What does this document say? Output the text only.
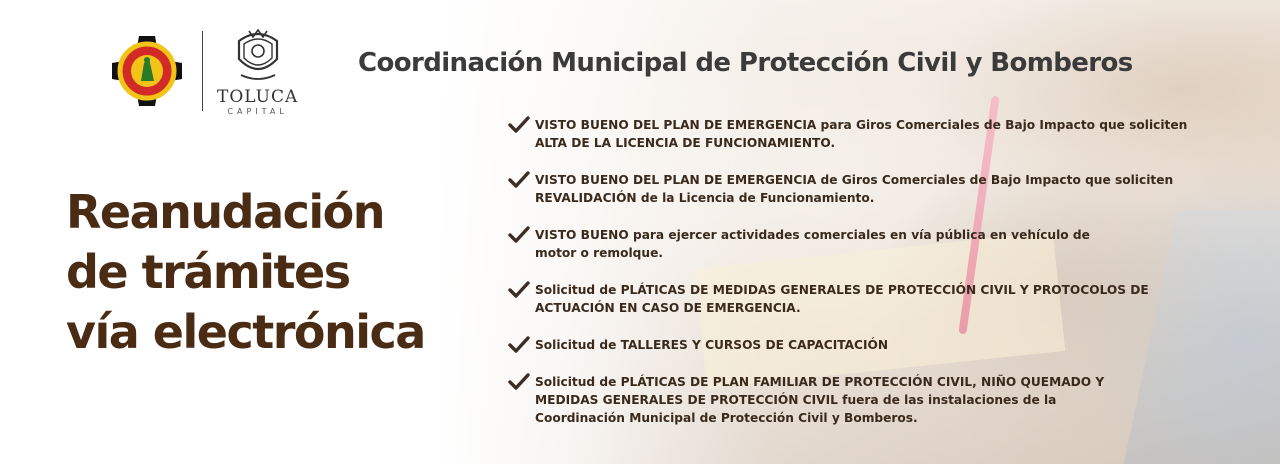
TOLUCA
CAPITAL
Coordinación Municipal de Protección Civil y Bomberos
Reanudación
de trámites
vía electrónica
VISTO BUENO DEL PLAN DE EMERGENCIA para Giros Comerciales de Bajo Impacto que soliciten
ALTA DE LA LICENCIA DE FUNCIONAMIENTO.
VISTO BUENO DEL PLAN DE EMERGENCIA de Giros Comerciales de Bajo Impacto que soliciten
REVALIDACIÓN de la Licencia de Funcionamiento.
VISTO BUENO para ejercer actividades comerciales en vía pública en vehículo de
motor o remolque.
Solicitud de PLÁTICAS DE MEDIDAS GENERALES DE PROTECCIÓN CIVIL Y PROTOCOLOS DE
ACTUACIÓN EN CASO DE EMERGENCIA.
Solicitud de TALLERES Y CURSOS DE CAPACITACIÓN
Solicitud de PLÁTICAS DE PLAN FAMILIAR DE PROTECCIÓN CIVIL, NIÑO QUEMADO Y
MEDIDAS GENERALES DE PROTECCIÓN CIVIL fuera de las instalaciones de la
Coordinación Municipal de Protección Civil y Bomberos.
